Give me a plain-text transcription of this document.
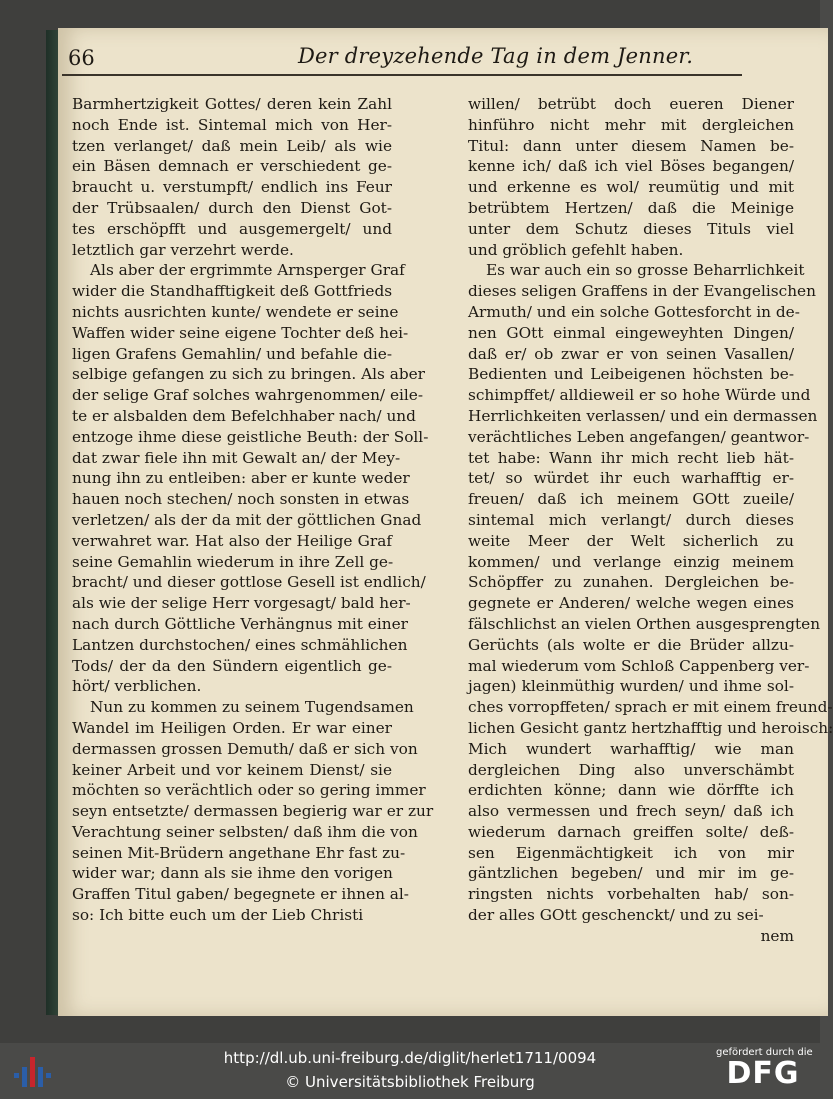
66	Der dreyzehende Tag in dem Jenner.
Barmhertzigkeit Gottes/ deren kein Zahl
noch Ende ist. Sintemal mich von Her-
tzen verlanget/ daß mein Leib/ als wie
ein Bäsen demnach er verschiedent ge-
braucht u. verstumpft/ endlich ins Feur
der Trübsaalen/ durch den Dienst Got-
tes erschöpfft und ausgemergelt/ und
letztlich gar verzehrt werde.
Als aber der ergrimmte Arnsperger Graf
wider die Standhafftigkeit deß Gottfrieds
nichts ausrichten kunte/ wendete er seine
Waffen wider seine eigene Tochter deß hei-
ligen Grafens Gemahlin/ und befahle die-
selbige gefangen zu sich zu bringen. Als aber
der selige Graf solches wahrgenommen/ eile-
te er alsbalden dem Befelchhaber nach/ und
entzoge ihme diese geistliche Beuth: der Soll-
dat zwar fiele ihn mit Gewalt an/ der Mey-
nung ihn zu entleiben: aber er kunte weder
hauen noch stechen/ noch sonsten in etwas
verletzen/ als der da mit der göttlichen Gnad
verwahret war. Hat also der Heilige Graf
seine Gemahlin wiederum in ihre Zell ge-
bracht/ und dieser gottlose Gesell ist endlich/
als wie der selige Herr vorgesagt/ bald her-
nach durch Göttliche Verhängnus mit einer
Lantzen durchstochen/ eines schmählichen
Tods/ der da den Sündern eigentlich ge-
hört/ verblichen.
Nun zu kommen zu seinem Tugendsamen
Wandel im Heiligen Orden. Er war einer
dermassen grossen Demuth/ daß er sich von
keiner Arbeit und vor keinem Dienst/ sie
möchten so verächtlich oder so gering immer
seyn entsetzte/ dermassen begierig war er zur
Verachtung seiner selbsten/ daß ihm die von
seinen Mit-Brüdern angethane Ehr fast zu-
wider war; dann als sie ihme den vorigen
Graffen Titul gaben/ begegnete er ihnen al-
so: Ich bitte euch um der Lieb Christi
willen/ betrübt doch eueren Diener
hinführo nicht mehr mit dergleichen
Titul: dann unter diesem Namen be-
kenne ich/ daß ich viel Böses begangen/
und erkenne es wol/ reumütig und mit
betrübtem Hertzen/ daß die Meinige
unter dem Schutz dieses Tituls viel
und gröblich gefehlt haben.
Es war auch ein so grosse Beharrlichkeit
dieses seligen Graffens in der Evangelischen
Armuth/ und ein solche Gottesforcht in de-
nen GOtt einmal eingeweyhten Dingen/
daß er/ ob zwar er von seinen Vasallen/
Bedienten und Leibeigenen höchsten be-
schimpffet/ alldieweil er so hohe Würde und
Herrlichkeiten verlassen/ und ein dermassen
verächtliches Leben angefangen/ geantwor-
tet habe: Wann ihr mich recht lieb hät-
tet/ so würdet ihr euch warhafftig er-
freuen/ daß ich meinem GOtt zueile/
sintemal mich verlangt/ durch dieses
weite Meer der Welt sicherlich zu
kommen/ und verlange einzig meinem
Schöpffer zu zunahen. Dergleichen be-
gegnete er Anderen/ welche wegen eines
fälschlichst an vielen Orthen ausgesprengten
Gerüchts (als wolte er die Brüder allzu-
mal wiederum vom Schloß Cappenberg ver-
jagen) kleinmüthig wurden/ und ihme sol-
ches vorropffeten/ sprach er mit einem freund-
lichen Gesicht gantz hertzhafftig und heroisch:
Mich wundert warhafftig/ wie man
dergleichen Ding also unverschämbt
erdichten könne; dann wie dörffte ich
also vermessen und frech seyn/ daß ich
wiederum darnach greiffen solte/ deß-
sen Eigenmächtigkeit ich von mir
gäntzlichen begeben/ und mir im ge-
ringsten nichts vorbehalten hab/ son-
der alles GOtt geschenckt/ und zu sei-
nem
http://dl.ub.uni-freiburg.de/diglit/herlet1711/0094
© Universitätsbibliothek Freiburg
gefördert durch die
DFG
